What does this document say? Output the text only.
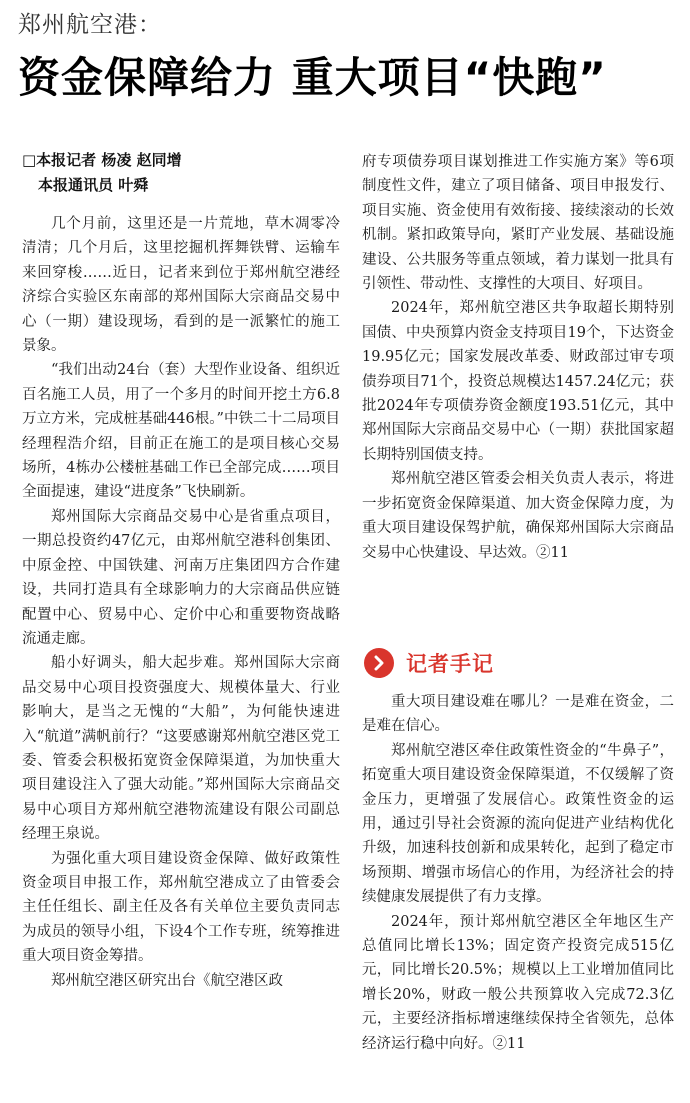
郑州航空港：
资金保障给力 重大项目“快跑”
□本报记者 杨凌 赵同增
本报通讯员 叶舜

几个月前，这里还是一片荒地，草木凋零冷清清；几个月后，这里挖掘机挥舞铁臂、运输车来回穿梭……近日，记者来到位于郑州航空港经济综合实验区东南部的郑州国际大宗商品交易中心（一期）建设现场，看到的是一派繁忙的施工景象。

“我们出动24台（套）大型作业设备、组织近百名施工人员，用了一个多月的时间开挖土方6.8万立方米，完成桩基础446根。”中铁二十二局项目经理程浩介绍，目前正在施工的是项目核心交易场所，4栋办公楼桩基础工作已全部完成……项目全面提速，建设“进度条”飞快刷新。

郑州国际大宗商品交易中心是省重点项目，一期总投资约47亿元，由郑州航空港科创集团、中原金控、中国铁建、河南万庄集团四方合作建设，共同打造具有全球影响力的大宗商品供应链配置中心、贸易中心、定价中心和重要物资战略流通走廊。

船小好调头，船大起步难。郑州国际大宗商品交易中心项目投资强度大、规模体量大、行业影响大，是当之无愧的“大船”，为何能快速进入“航道”满帆前行？“这要感谢郑州航空港区党工委、管委会积极拓宽资金保障渠道，为加快重大项目建设注入了强大动能。”郑州国际大宗商品交易中心项目方郑州航空港物流建设有限公司副总经理王泉说。

为强化重大项目建设资金保障、做好政策性资金项目申报工作，郑州航空港成立了由管委会主任任组长、副主任及各有关单位主要负责同志为成员的领导小组，下设4个工作专班，统筹推进重大项目资金筹措。

郑州航空港区研究出台《航空港区政

府专项债券项目谋划推进工作实施方案》等6项制度性文件，建立了项目储备、项目申报发行、项目实施、资金使用有效衔接、接续滚动的长效机制。紧扣政策导向，紧盯产业发展、基础设施建设、公共服务等重点领域，着力谋划一批具有引领性、带动性、支撑性的大项目、好项目。

2024年，郑州航空港区共争取超长期特别国债、中央预算内资金支持项目19个，下达资金19.95亿元；国家发展改革委、财政部过审专项债券项目71个，投资总规模达1457.24亿元；获批2024年专项债券资金额度193.51亿元，其中郑州国际大宗商品交易中心（一期）获批国家超长期特别国债支持。

郑州航空港区管委会相关负责人表示，将进一步拓宽资金保障渠道、加大资金保障力度，为重大项目建设保驾护航，确保郑州国际大宗商品交易中心快建设、早达效。②11

记者手记

重大项目建设难在哪儿？一是难在资金，二是难在信心。

郑州航空港区牵住政策性资金的“牛鼻子”，拓宽重大项目建设资金保障渠道，不仅缓解了资金压力，更增强了发展信心。政策性资金的运用，通过引导社会资源的流向促进产业结构优化升级，加速科技创新和成果转化，起到了稳定市场预期、增强市场信心的作用，为经济社会的持续健康发展提供了有力支撑。

2024年，预计郑州航空港区全年地区生产总值同比增长13%；固定资产投资完成515亿元，同比增长20.5%；规模以上工业增加值同比增长20%，财政一般公共预算收入完成72.3亿元，主要经济指标增速继续保持全省领先，总体经济运行稳中向好。②11
